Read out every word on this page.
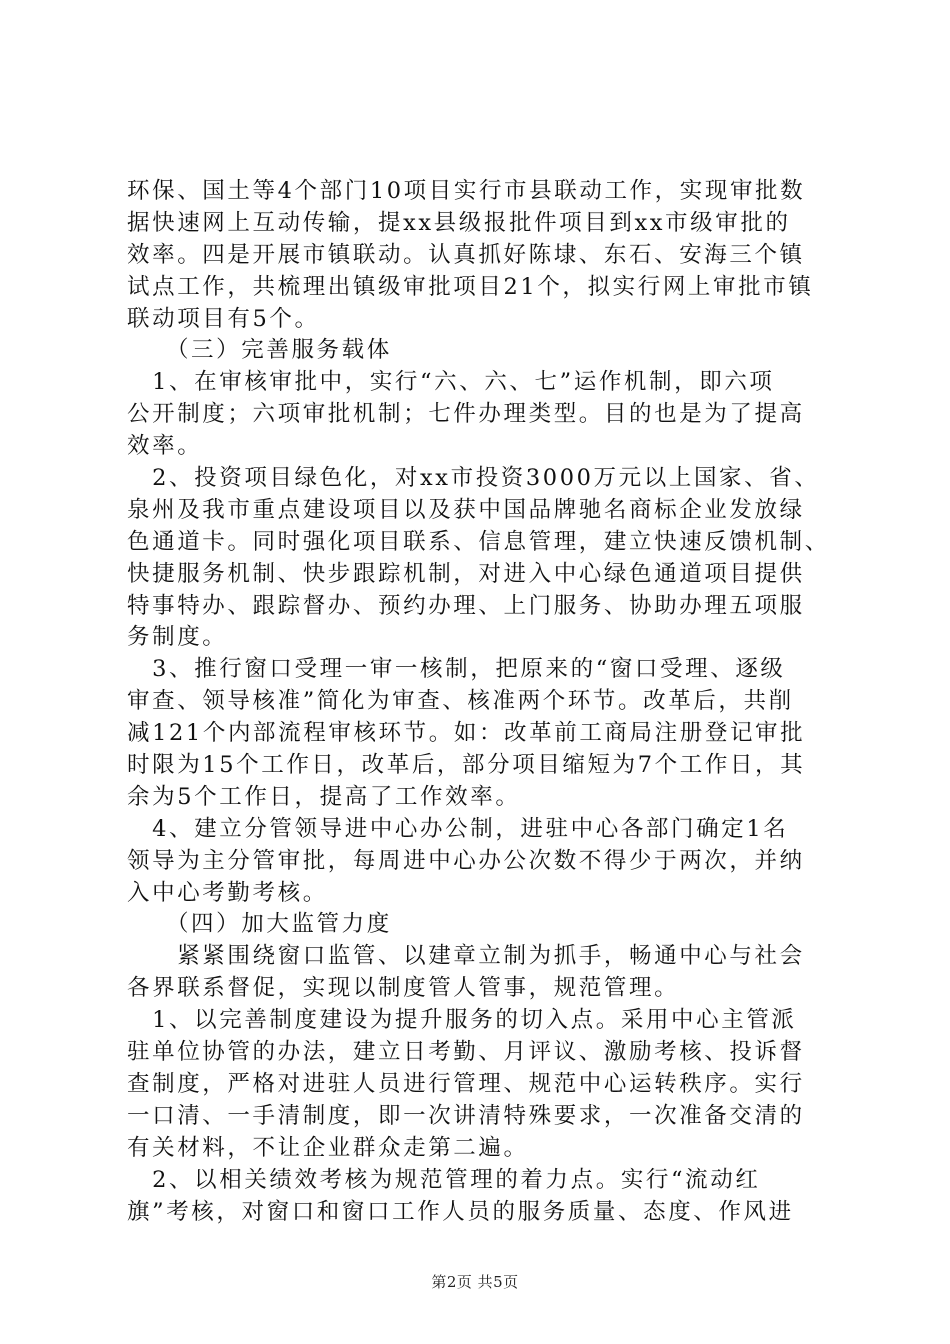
环保、国土等4个部门10项目实行市县联动工作，实现审批数
据快速网上互动传输，提xx县级报批件项目到xx市级审批的
效率。四是开展市镇联动。认真抓好陈埭、东石、安海三个镇
试点工作，共梳理出镇级审批项目21个，拟实行网上审批市镇
联动项目有5个。
　　（三）完善服务载体
　1、在审核审批中，实行“六、六、七”运作机制，即六项
公开制度；六项审批机制；七件办理类型。目的也是为了提高
效率。
　2、投资项目绿色化，对xx市投资3000万元以上国家、省、
泉州及我市重点建设项目以及获中国品牌驰名商标企业发放绿
色通道卡。同时强化项目联系、信息管理，建立快速反馈机制、
快捷服务机制、快步跟踪机制，对进入中心绿色通道项目提供
特事特办、跟踪督办、预约办理、上门服务、协助办理五项服
务制度。
　3、推行窗口受理一审一核制，把原来的“窗口受理、逐级
审查、领导核准”简化为审查、核准两个环节。改革后，共削
减121个内部流程审核环节。如：改革前工商局注册登记审批
时限为15个工作日，改革后，部分项目缩短为7个工作日，其
余为5个工作日，提高了工作效率。
　4、建立分管领导进中心办公制，进驻中心各部门确定1名
领导为主分管审批，每周进中心办公次数不得少于两次，并纳
入中心考勤考核。
　　（四）加大监管力度
　　紧紧围绕窗口监管、以建章立制为抓手，畅通中心与社会
各界联系督促，实现以制度管人管事，规范管理。
　1、以完善制度建设为提升服务的切入点。采用中心主管派
驻单位协管的办法，建立日考勤、月评议、激励考核、投诉督
查制度，严格对进驻人员进行管理、规范中心运转秩序。实行
一口清、一手清制度，即一次讲清特殊要求，一次准备交清的
有关材料，不让企业群众走第二遍。
　2、以相关绩效考核为规范管理的着力点。实行“流动红
旗”考核，对窗口和窗口工作人员的服务质量、态度、作风进
第2页 共5页
